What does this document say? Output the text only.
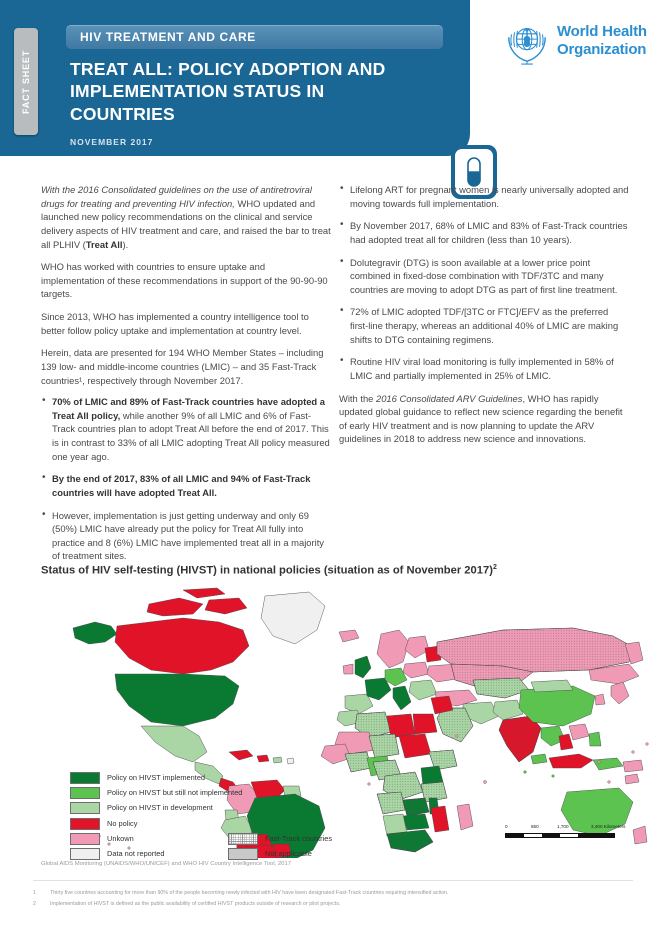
FACT SHEET
HIV TREATMENT AND CARE
TREAT ALL: POLICY ADOPTION AND IMPLEMENTATION STATUS IN COUNTRIES
NOVEMBER 2017
World Health
Organization

With the 2016 Consolidated guidelines on the use of antiretroviral drugs for treating and preventing HIV infection, WHO updated and launched new policy recommendations on the clinical and service delivery aspects of HIV treatment and care, and raised the bar to treat all PLHIV (Treat All).

WHO has worked with countries to ensure uptake and implementation of these recommendations in support of the 90-90-90 targets.

Since 2013, WHO has implemented a country intelligence tool to better follow policy uptake and implementation at country level.

Herein, data are presented for 194 WHO Member States – including 139 low- and middle-income countries (LMIC) – and 35 Fast-Track countries¹, respectively through November 2017.

• 70% of LMIC and 89% of Fast-Track countries have adopted a Treat All policy, while another 9% of all LMIC and 6% of Fast-Track countries plan to adopt Treat All before the end of 2017. This is in contrast to 33% of all LMIC adopting Treat All policy measured one year ago.
• By the end of 2017, 83% of all LMIC and 94% of Fast-Track countries will have adopted Treat All.
• However, implementation is just getting underway and only 69 (50%) LMIC have already put the policy for Treat All fully into practice and 8 (6%) LMIC have implemented treat all in a majority of treatment sites.
• Lifelong ART for pregnant women is nearly universally adopted and moving towards full implementation.
• By November 2017, 68% of LMIC and 83% of Fast-Track countries had adopted treat all for children (less than 10 years).
• Dolutegravir (DTG) is soon available at a lower price point combined in fixed-dose combination with TDF/3TC and many countries are moving to adopt DTG as part of first line treatment.
• 72% of LMIC adopted TDF/[3TC or FTC]/EFV as the preferred first-line therapy, whereas an additional 40% of LMIC are making shifts to DTG containing regimens.
• Routine HIV viral load monitoring is fully implemented in 58% of LMIC and partially implemented in 25% of LMIC.

With the 2016 Consolidated ARV Guidelines, WHO has rapidly updated global guidance to reflect new science regarding the benefit of early HIV treatment and is now planning to update the ARV guidelines in 2018 to address new science and innovations.

Status of HIV self-testing (HIVST) in national policies (situation as of November 2017)$^2$
Policy on HIVST implemented
Policy on HIVST but still not implemented
Policy on HIVST in development
No policy
Unkown	Fast-Track countries
Data not reported	Not applicable
0	850	1,700	3,400 Kilometers
Global AIDS Monitoring (UNAIDS/WHO/UNICEF) and WHO HIV Country Intelligence Tool, 2017
1	Thirty five countries accounting for more than 90% of the people becoming newly infected with HIV have been designated Fast-Track countries requiring intensified action.
2	Implementation of HIVST is defined as the public availability of certified HIVST products outside of research or pilot projects.
